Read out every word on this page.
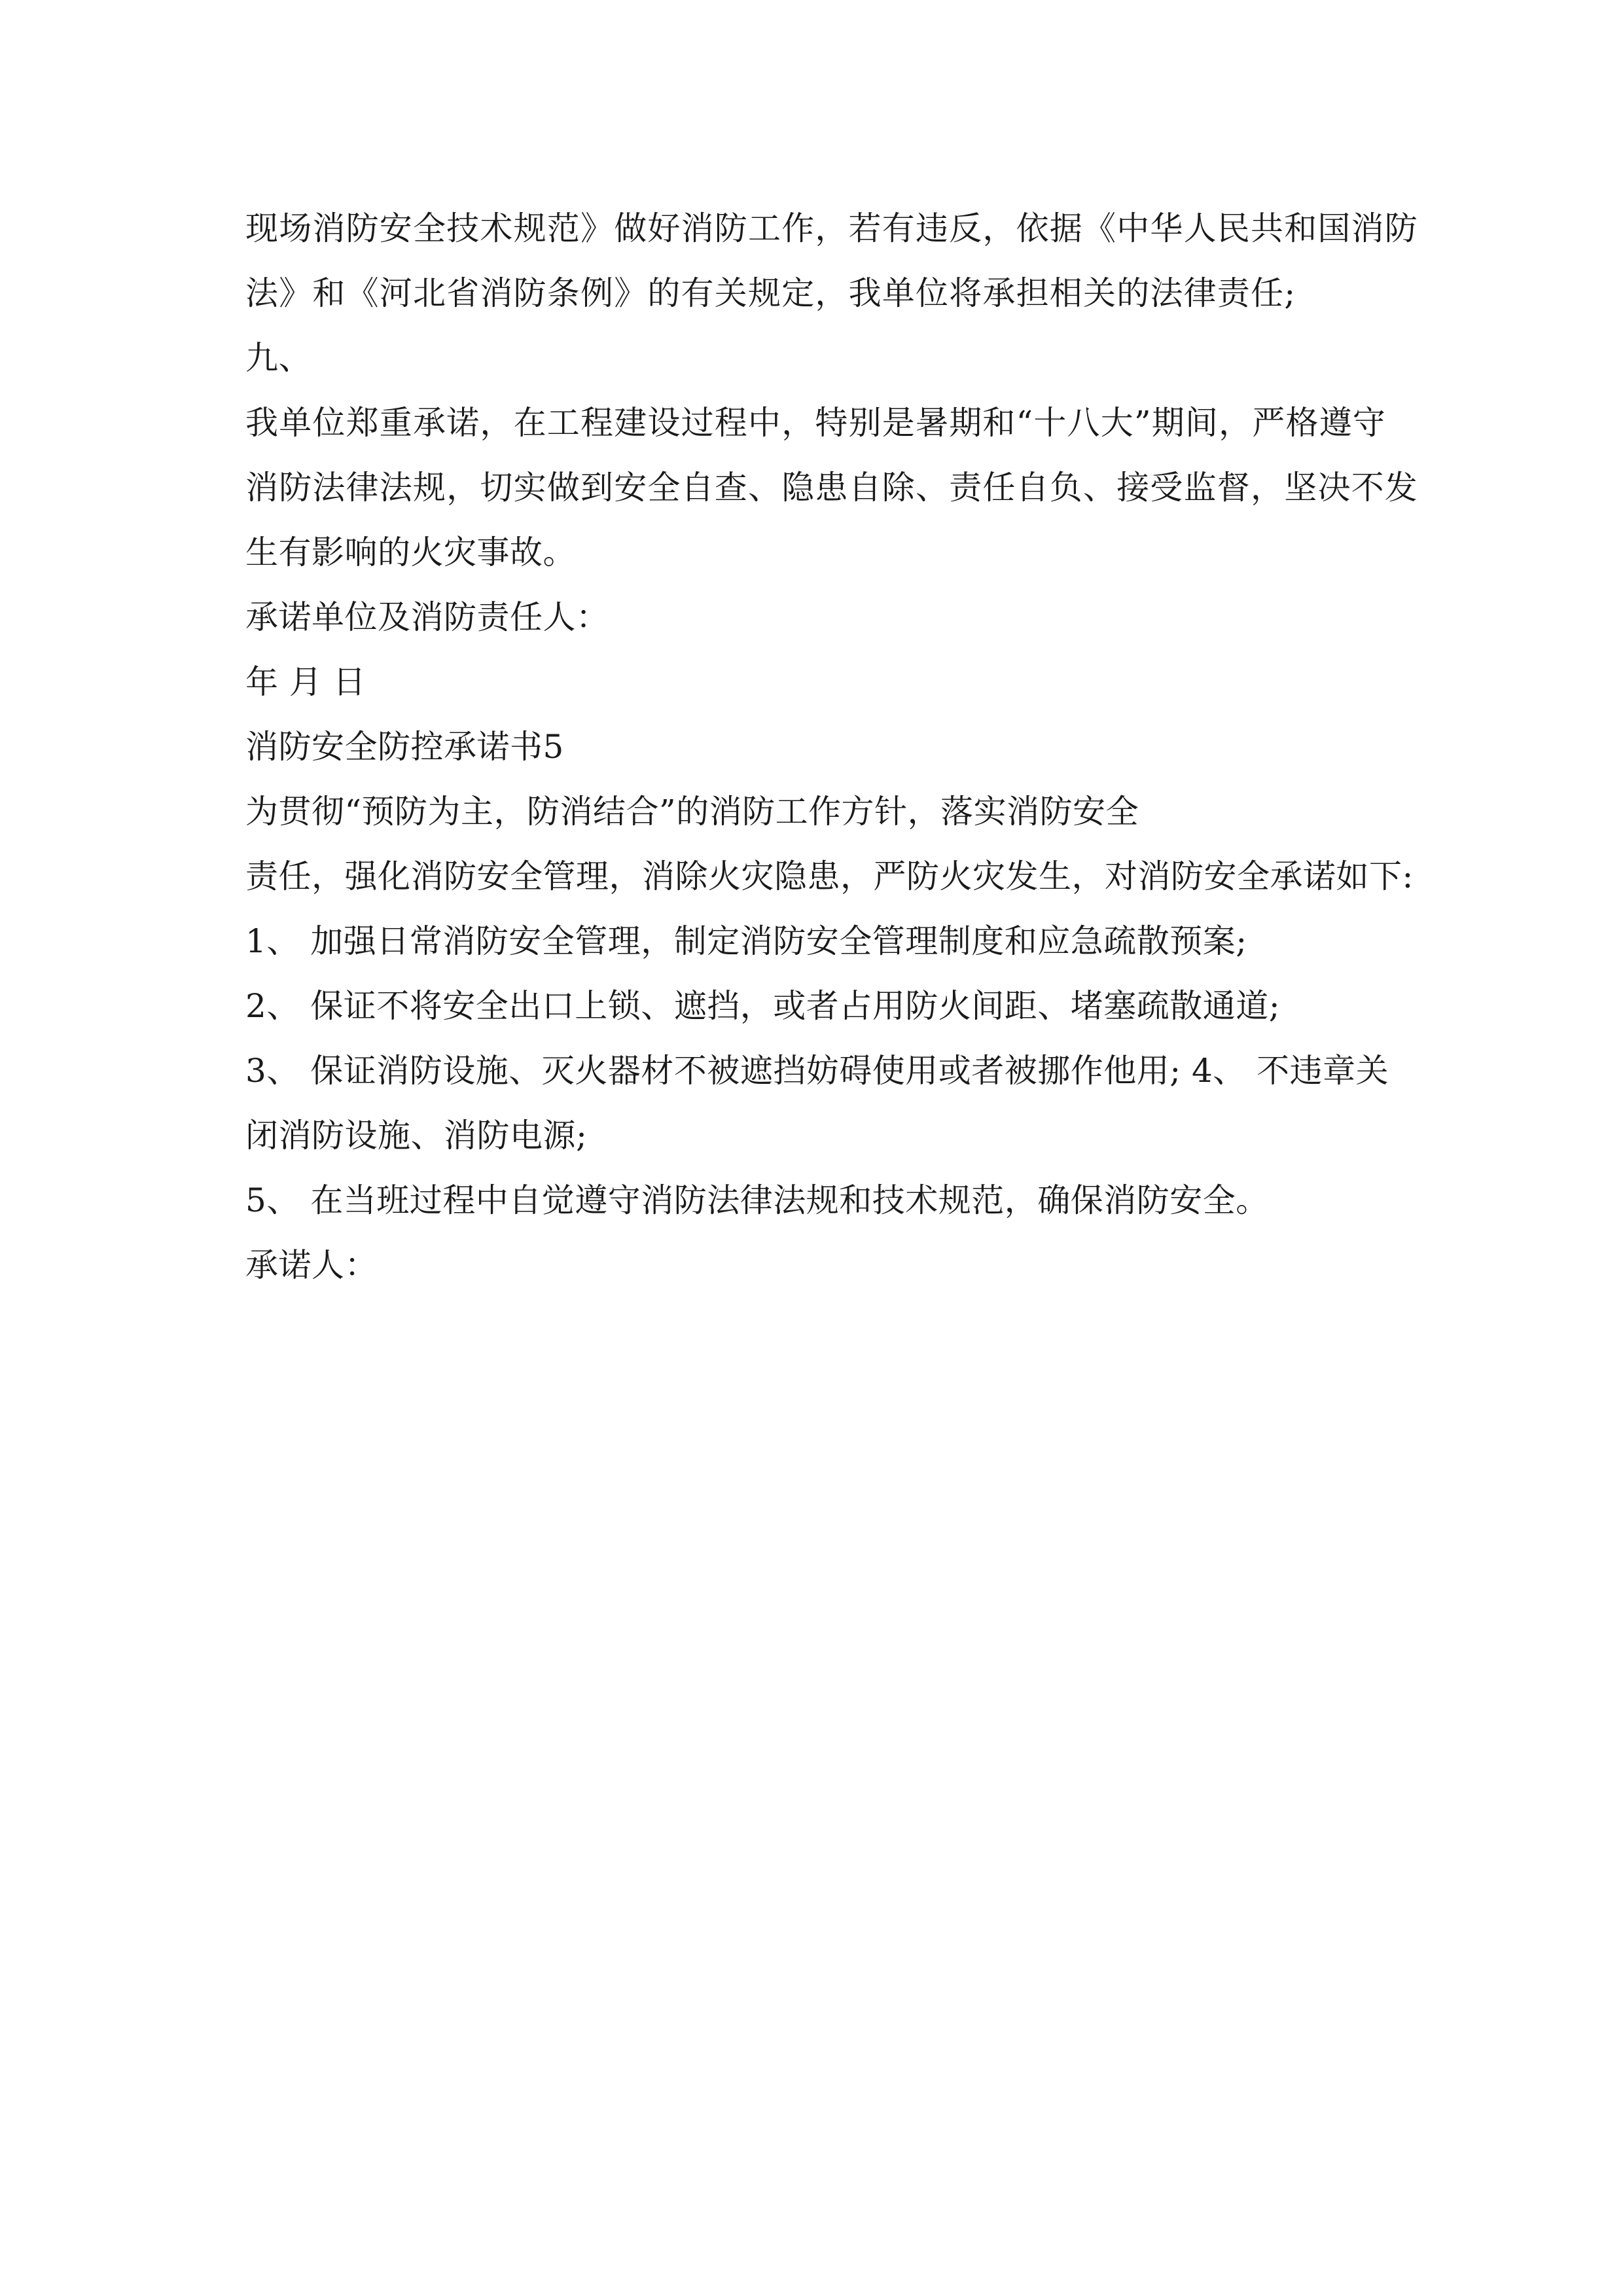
现场消防安全技术规范》做好消防工作，若有违反，依据《中华人民共和国消防
法》和《河北省消防条例》的有关规定，我单位将承担相关的法律责任;
九、
我单位郑重承诺，在工程建设过程中，特别是暑期和“十八大”期间，严格遵守
消防法律法规，切实做到安全自查、隐患自除、责任自负、接受监督，坚决不发
生有影响的火灾事故。
承诺单位及消防责任人：
年 月 日
消防安全防控承诺书5
为贯彻“预防为主，防消结合”的消防工作方针，落实消防安全
责任，强化消防安全管理，消除火灾隐患，严防火灾发生，对消防安全承诺如下:
1、 加强日常消防安全管理，制定消防安全管理制度和应急疏散预案;
2、 保证不将安全出口上锁、遮挡，或者占用防火间距、堵塞疏散通道;
3、 保证消防设施、灭火器材不被遮挡妨碍使用或者被挪作他用; 4、 不违章关
闭消防设施、消防电源;
5、 在当班过程中自觉遵守消防法律法规和技术规范，确保消防安全。
承诺人：
